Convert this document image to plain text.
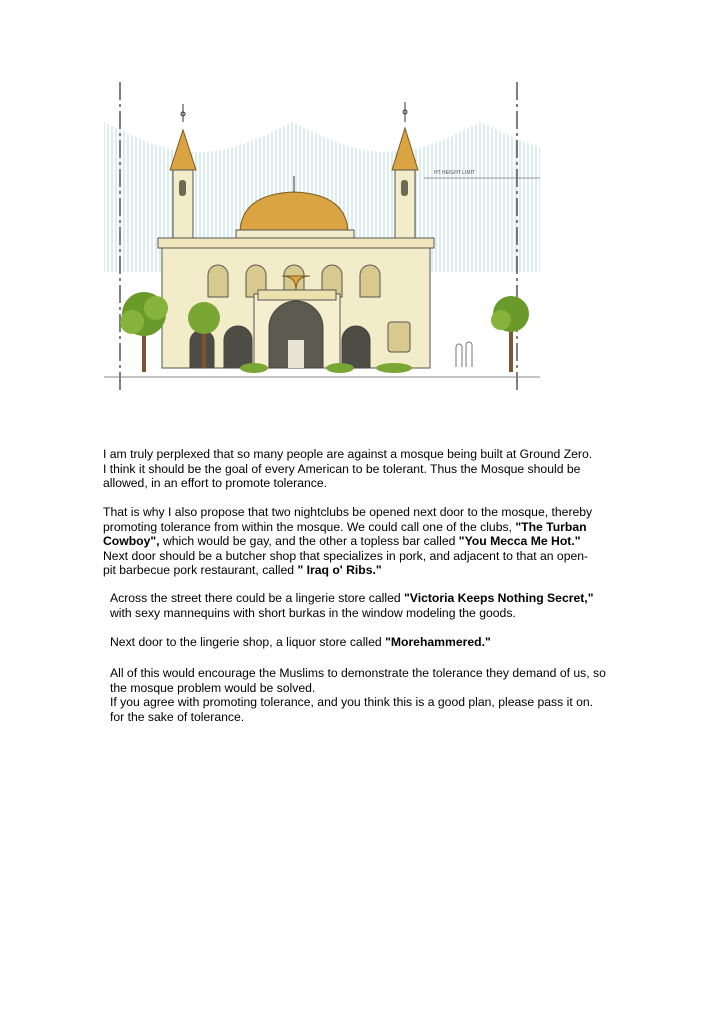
HT HEIGHT LIMIT
I am truly perplexed that so many people are against a mosque being built at Ground Zero.
I think it should be the goal of every American to be tolerant. Thus the Mosque should be
allowed, in an effort to promote tolerance.
That is why I also propose that two nightclubs be opened next door to the mosque, thereby
promoting tolerance from within the mosque. We could call one of the clubs, "The Turban
Cowboy", which would be gay, and the other a topless bar called "You Mecca Me Hot."
Next door should be a butcher shop that specializes in pork, and adjacent to that an open-
pit barbecue pork restaurant, called " Iraq o' Ribs."
Across the street there could be a lingerie store called "Victoria Keeps Nothing Secret,"
with sexy mannequins with short burkas in the window modeling the goods.
Next door to the lingerie shop, a liquor store called "Morehammered."
All of this would encourage the Muslims to demonstrate the tolerance they demand of us, so
the mosque problem would be solved.
If you agree with promoting tolerance, and you think this is a good plan, please pass it on.
for the sake of tolerance.
